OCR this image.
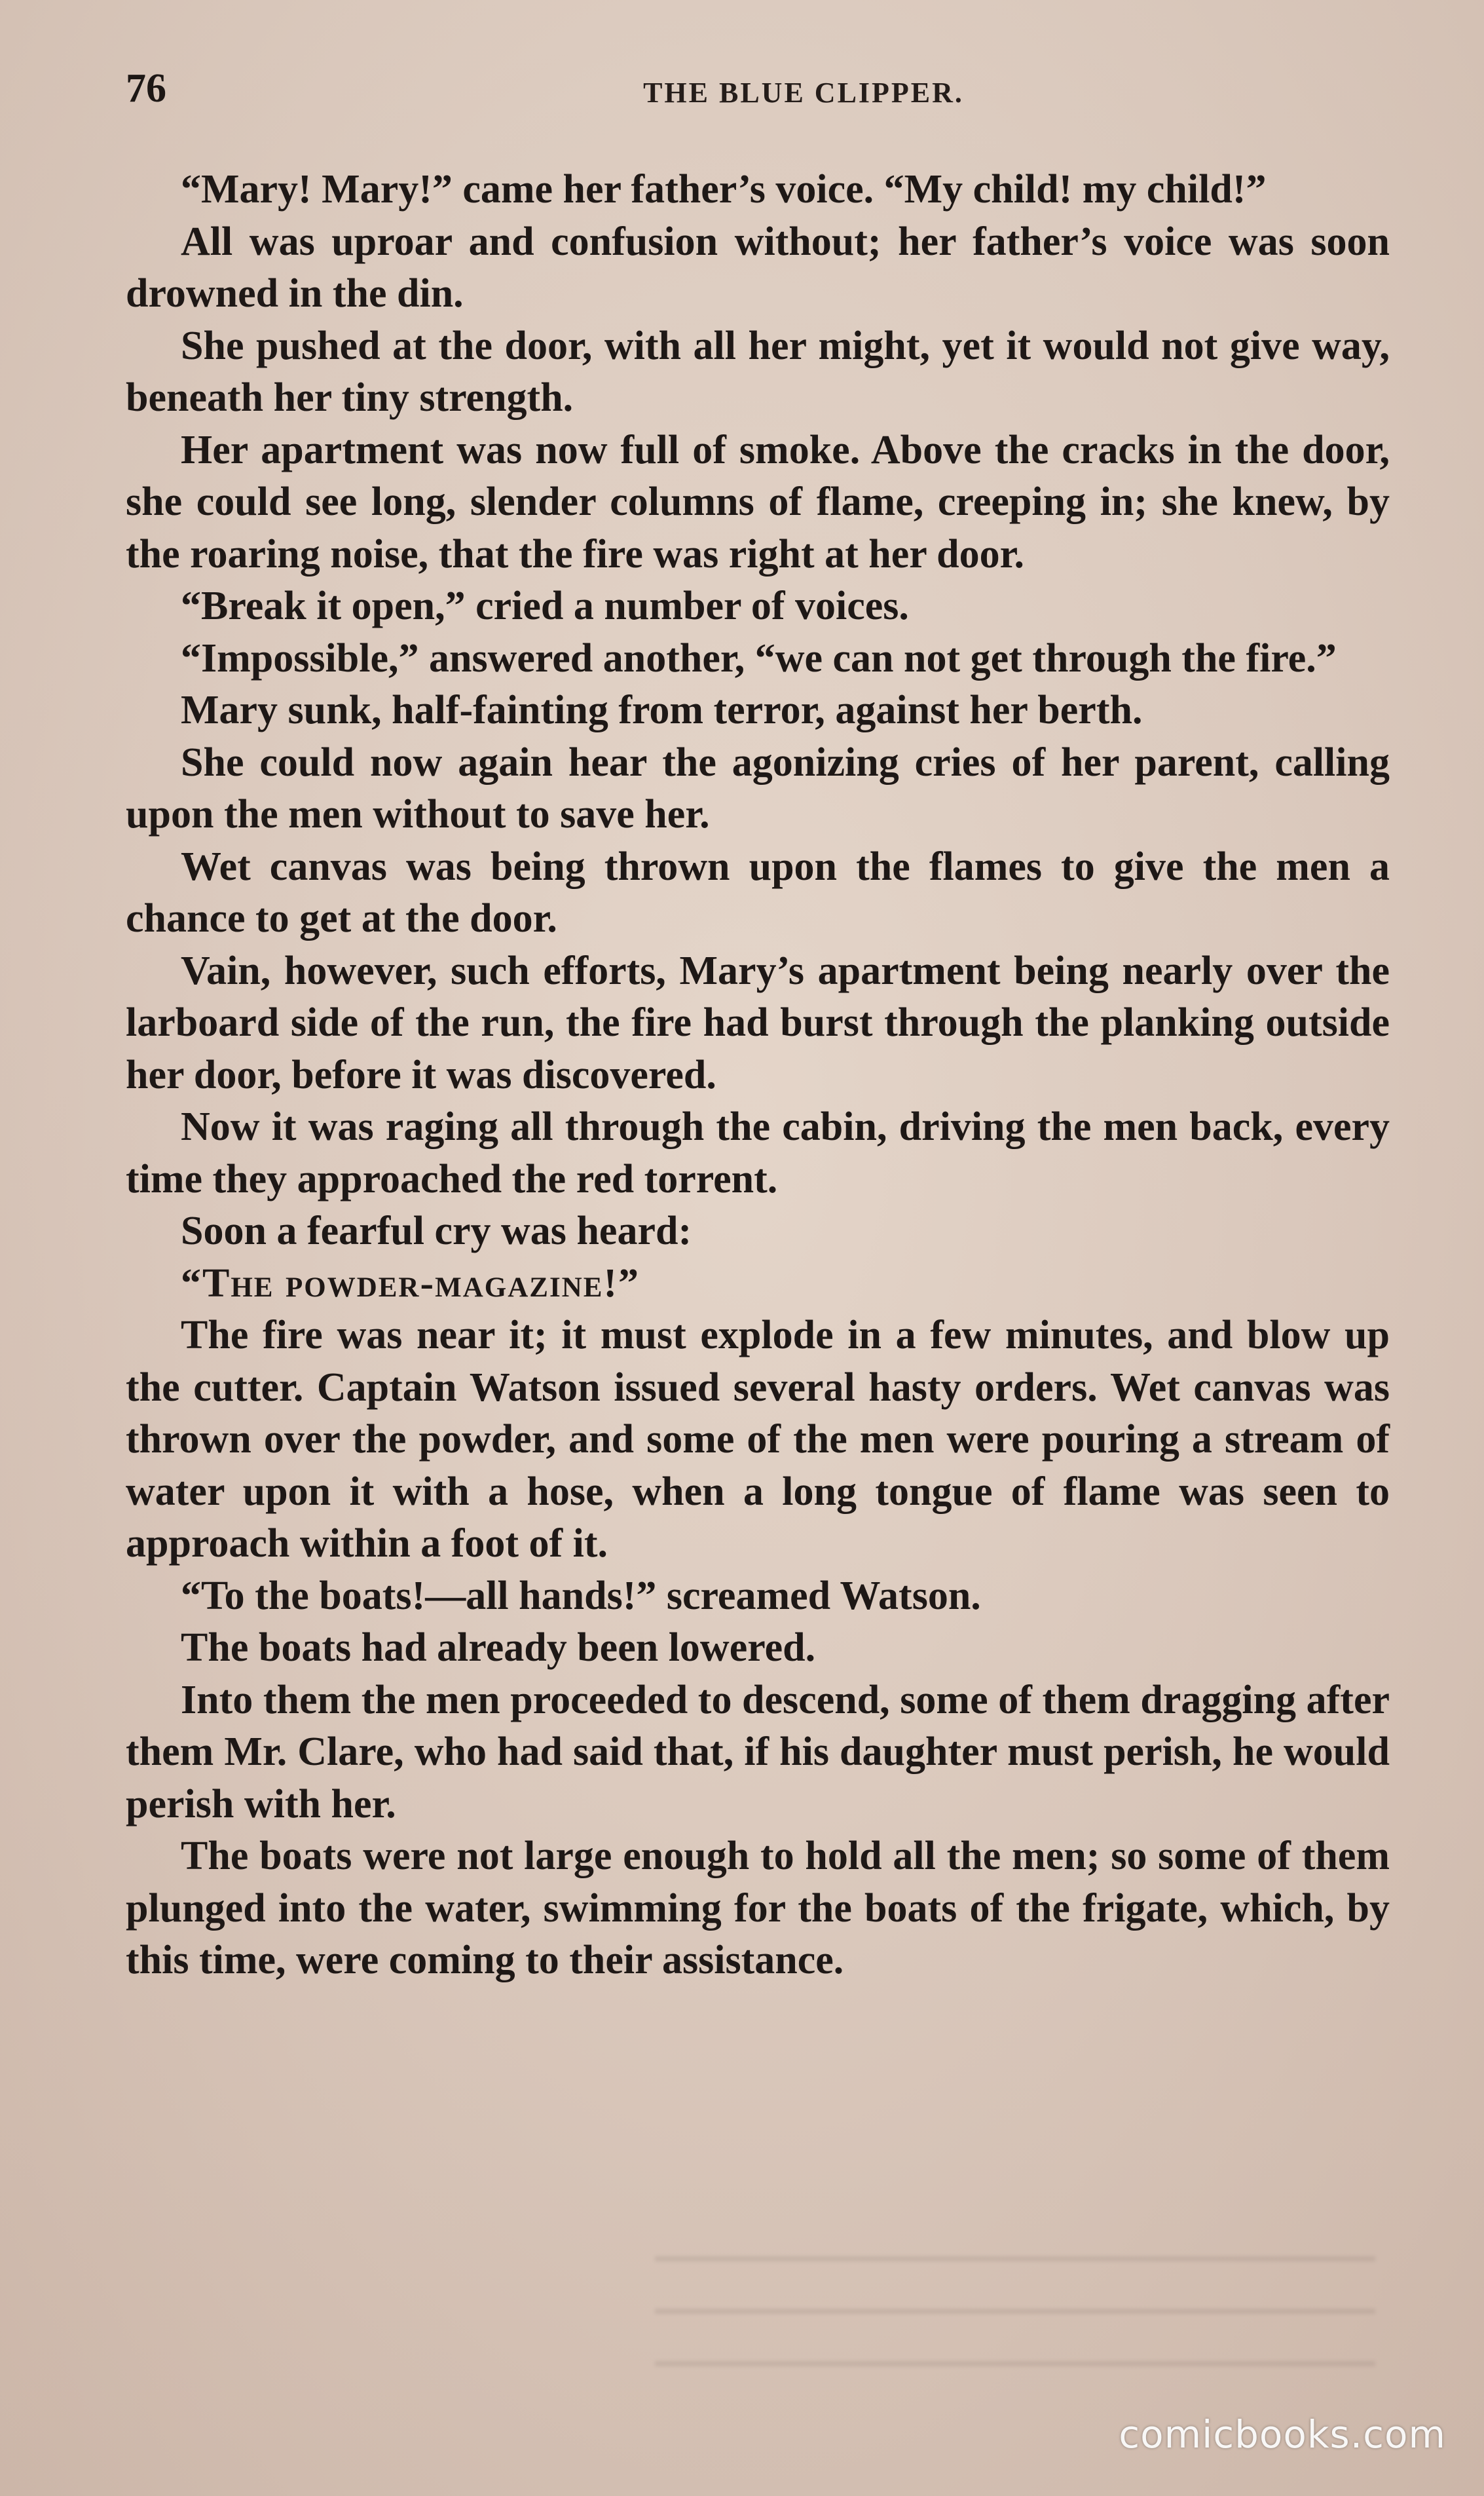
76	THE BLUE CLIPPER.

“Mary! Mary!” came her father’s voice. “My child! my child!”

All was uproar and confusion without; her father’s voice was soon drowned in the din.

She pushed at the door, with all her might, yet it would not give way, beneath her tiny strength.

Her apartment was now full of smoke. Above the cracks in the door, she could see long, slender columns of flame, creeping in; she knew, by the roaring noise, that the fire was right at her door.

“Break it open,” cried a number of voices.

“Impossible,” answered another, “we can not get through the fire.”

Mary sunk, half-fainting from terror, against her berth.

She could now again hear the agonizing cries of her parent, calling upon the men without to save her.

Wet canvas was being thrown upon the flames to give the men a chance to get at the door.

Vain, however, such efforts, Mary’s apartment being nearly over the larboard side of the run, the fire had burst through the planking outside her door, before it was discovered.

Now it was raging all through the cabin, driving the men back, every time they approached the red torrent.

Soon a fearful cry was heard:

“The powder-magazine!”

The fire was near it; it must explode in a few minutes, and blow up the cutter. Captain Watson issued several hasty orders. Wet canvas was thrown over the powder, and some of the men were pouring a stream of water upon it with a hose, when a long tongue of flame was seen to approach within a foot of it.

“To the boats!—all hands!” screamed Watson.

The boats had already been lowered.

Into them the men proceeded to descend, some of them dragging after them Mr. Clare, who had said that, if his daughter must perish, he would perish with her.

The boats were not large enough to hold all the men; so some of them plunged into the water, swimming for the boats of the frigate, which, by this time, were coming to their assistance.

comicbooks.com
